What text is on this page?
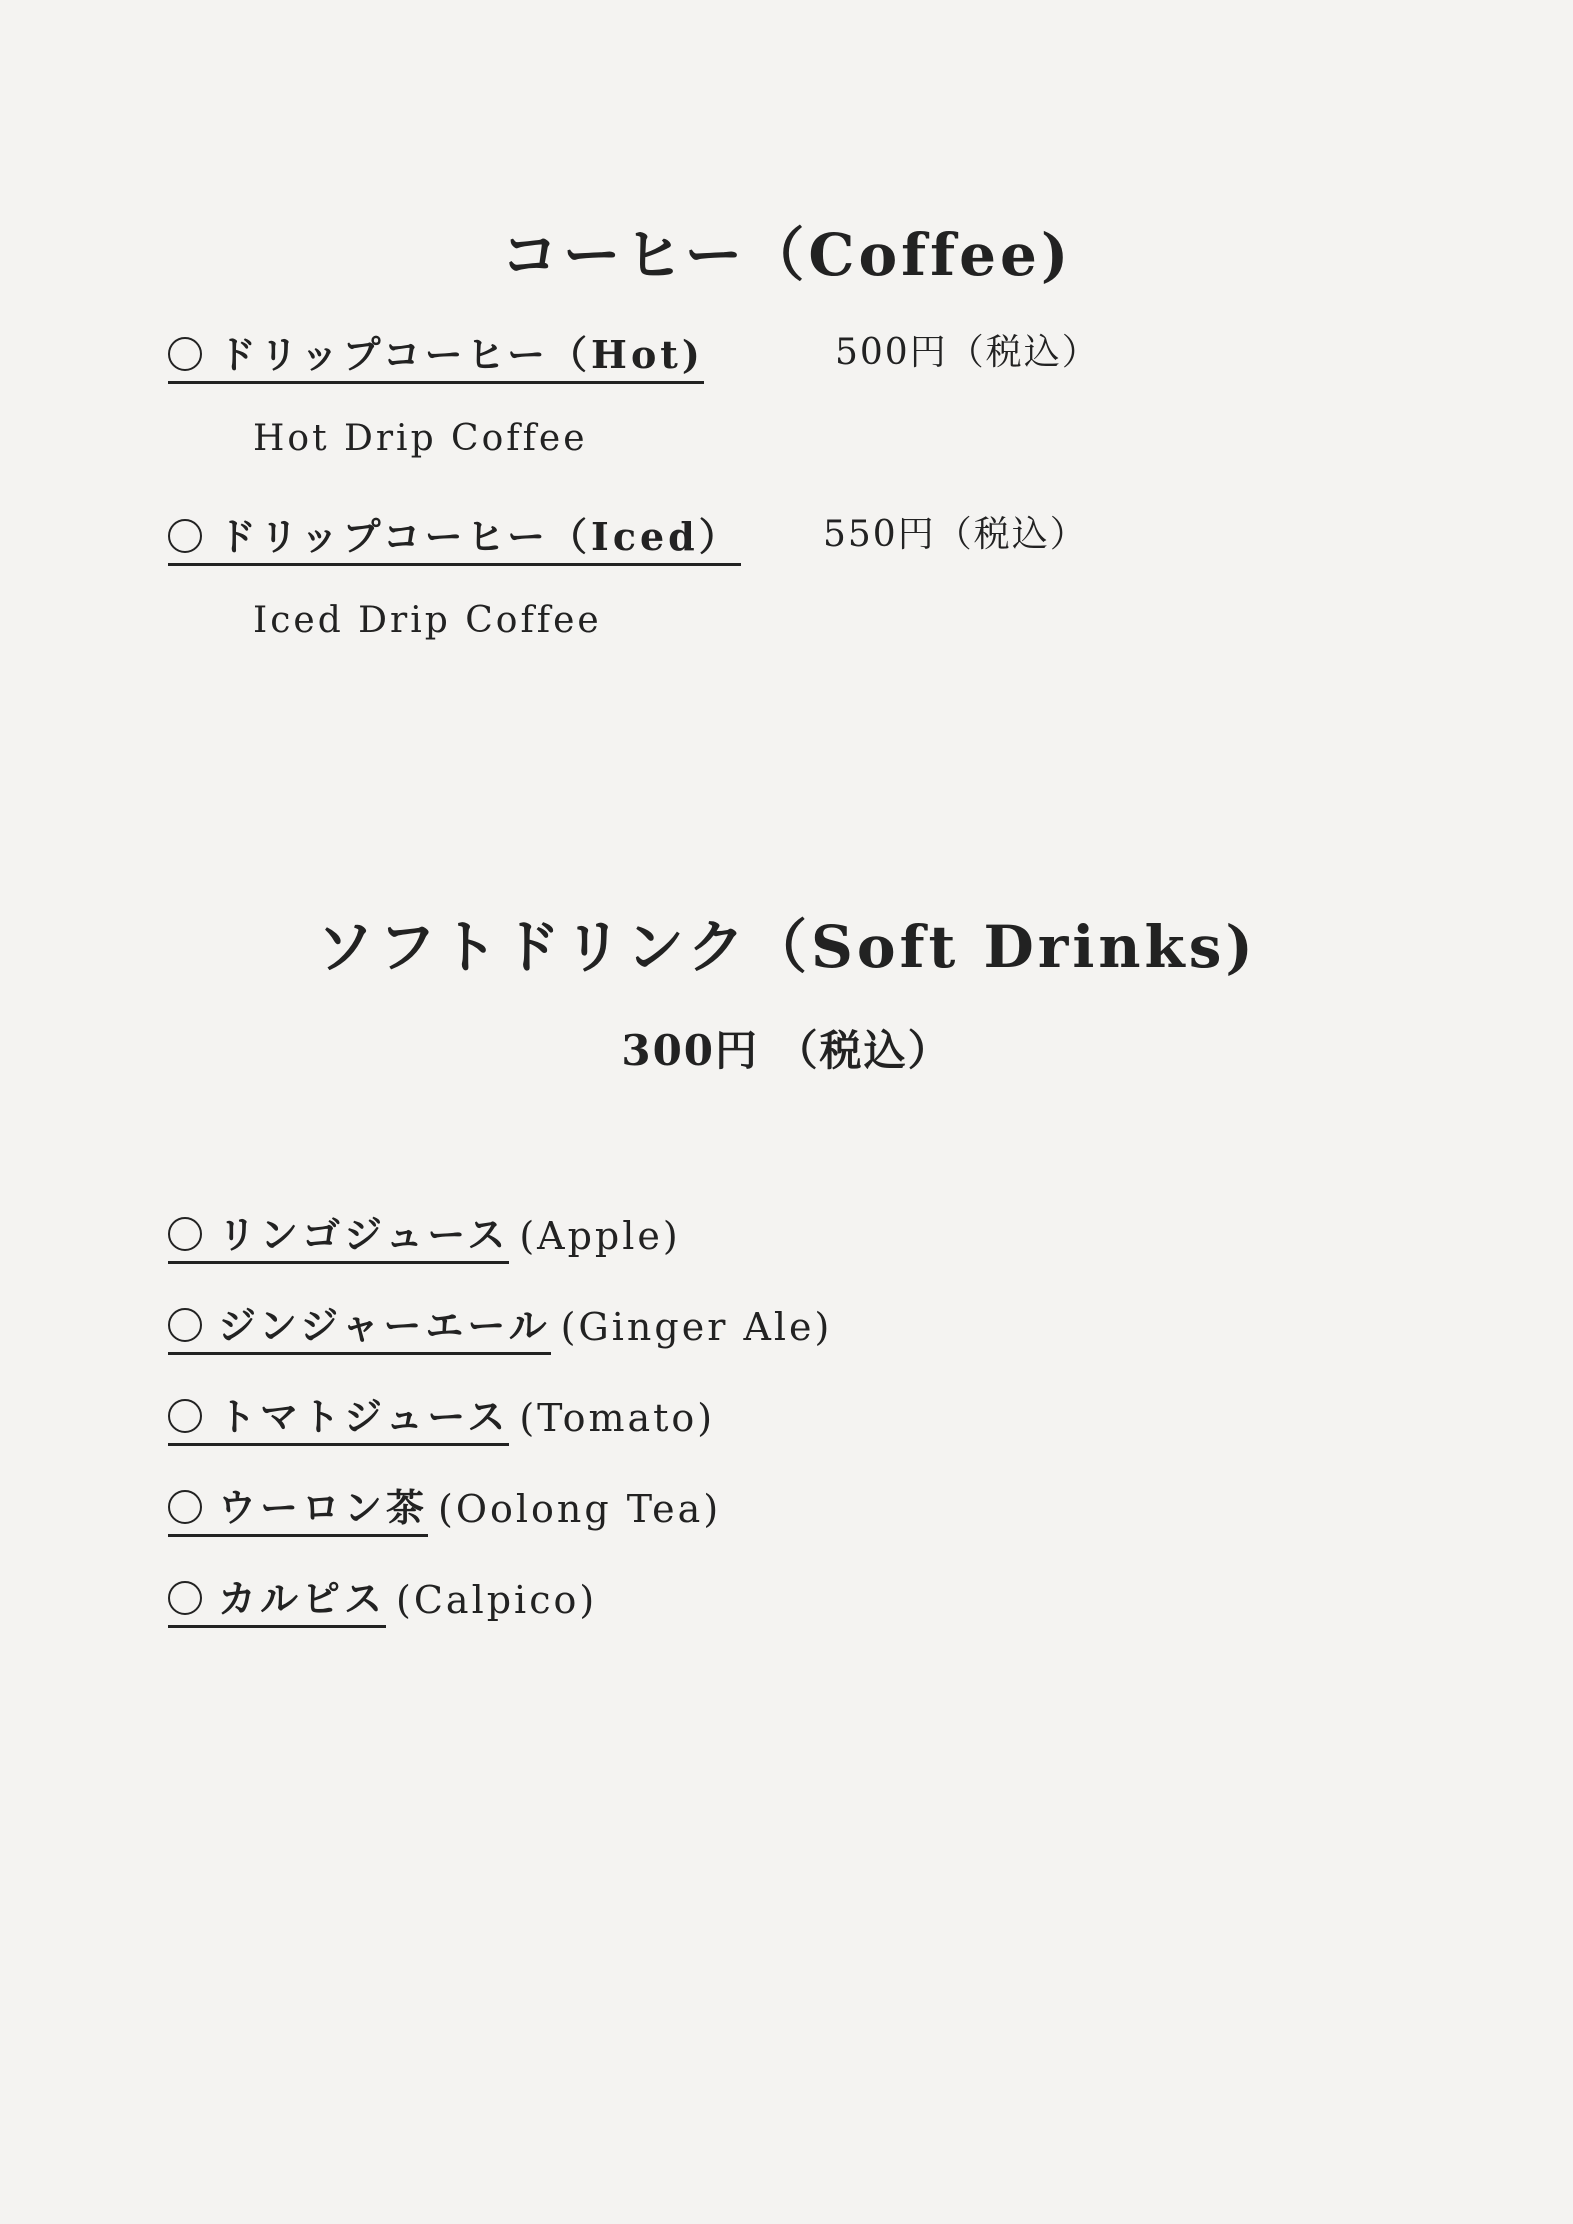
コーヒー（Coffee)
ドリップコーヒー（Hot)	500円（税込）
Hot Drip Coffee
ドリップコーヒー（Iced） 550円（税込）
Iced Drip Coffee
ソフトドリンク（Soft Drinks)
300円 （税込）
リンゴジュース (Apple)
ジンジャーエール (Ginger Ale)
トマトジュース (Tomato)
ウーロン茶 (Oolong Tea)
カルピス (Calpico)
